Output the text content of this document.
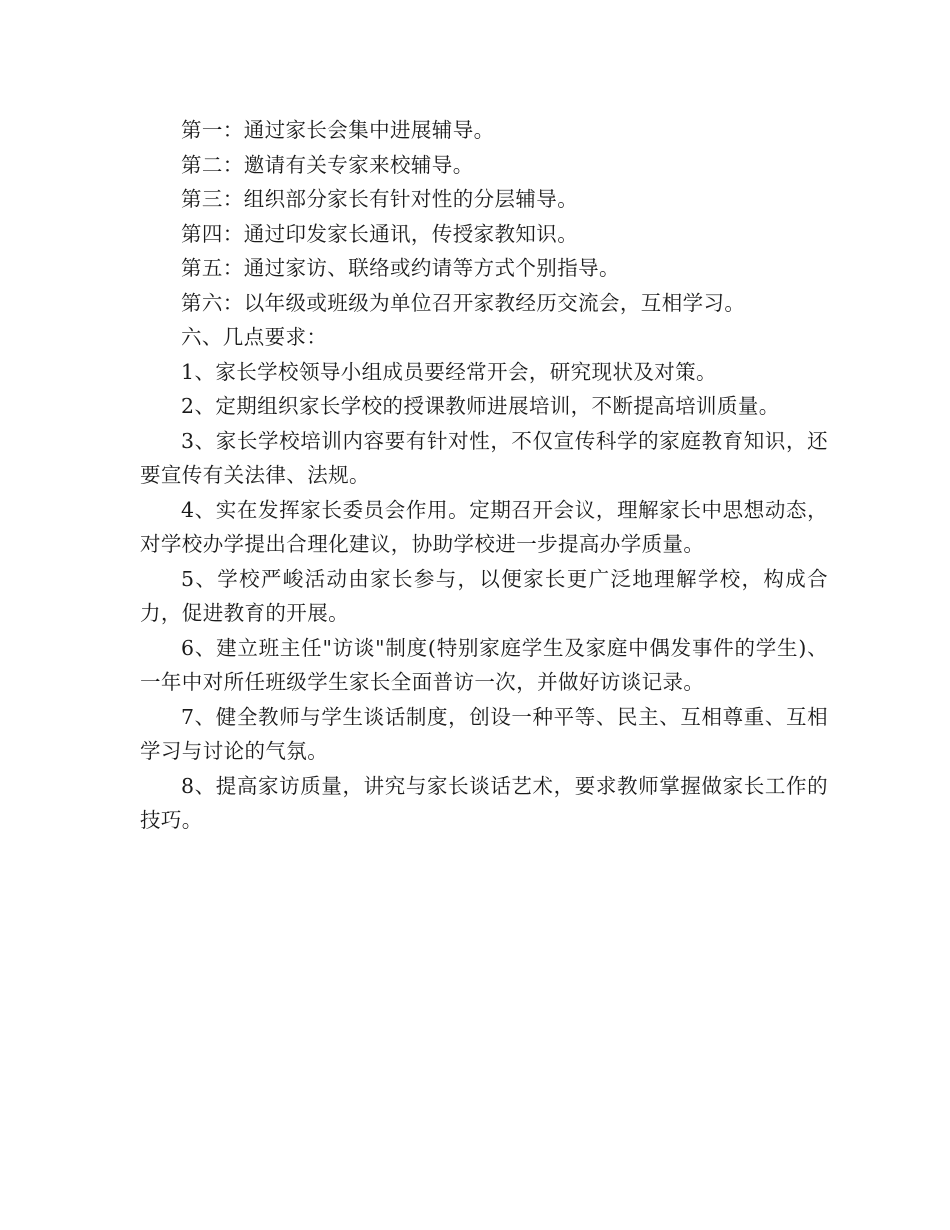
第一：通过家长会集中进展辅导。

第二：邀请有关专家来校辅导。

第三：组织部分家长有针对性的分层辅导。

第四：通过印发家长通讯，传授家教知识。

第五：通过家访、联络或约请等方式个别指导。

第六：以年级或班级为单位召开家教经历交流会，互相学习。

六、几点要求：

1、家长学校领导小组成员要经常开会，研究现状及对策。

2、定期组织家长学校的授课教师进展培训，不断提高培训质量。

3、家长学校培训内容要有针对性，不仅宣传科学的家庭教育知识，还要宣传有关法律、法规。

4、实在发挥家长委员会作用。定期召开会议，理解家长中思想动态，对学校办学提出合理化建议，协助学校进一步提高办学质量。

5、学校严峻活动由家长参与，以便家长更广泛地理解学校，构成合力，促进教育的开展。

6、建立班主任"访谈"制度(特别家庭学生及家庭中偶发事件的学生)、一年中对所任班级学生家长全面普访一次，并做好访谈记录。

7、健全教师与学生谈话制度，创设一种平等、民主、互相尊重、互相学习与讨论的气氛。

8、提高家访质量，讲究与家长谈话艺术，要求教师掌握做家长工作的技巧。
